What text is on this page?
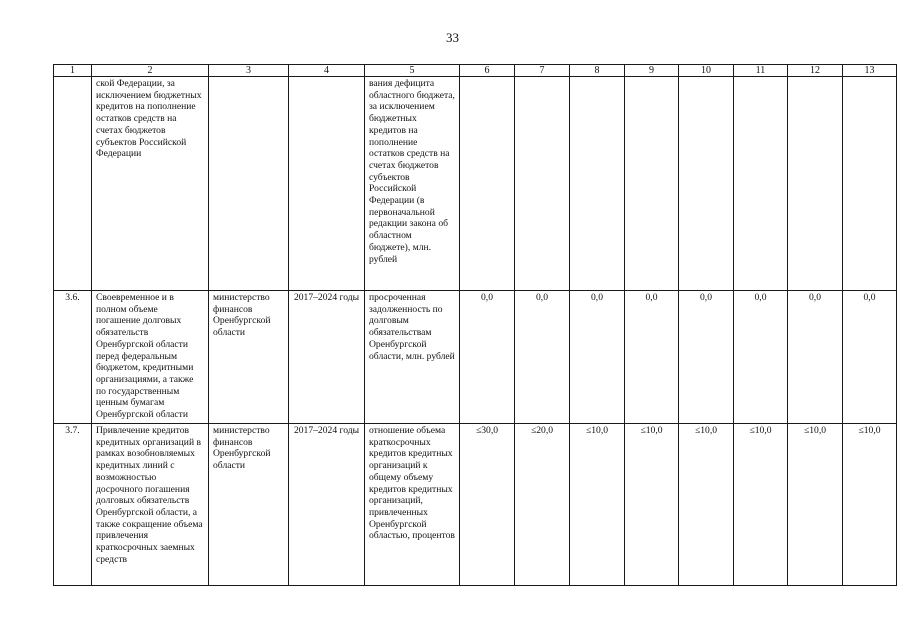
33
1	2	3	4	5	6	7	8	9	10	11	12	13
	ской Федерации, за исключением бюджетных кредитов на пополнение остатков средств на счетах бюджетов субъектов Российской Федерации			вания дефицита областного бюджета, за исключением бюджетных кредитов на пополнение остатков средств на счетах бюджетов субъектов Российской Федерации (в первоначальной редакции закона об областном бюджете), млн. рублей								
3.6.	Своевременное и в полном объеме погашение долговых обязательств Оренбургской области перед федеральным бюджетом, кредитными организациями, а также по государственным ценным бумагам Оренбургской области	министерство финансов Оренбургской области	2017–2024 годы	просроченная задолженность по долговым обязательствам Оренбургской области, млн. рублей	0,0	0,0	0,0	0,0	0,0	0,0	0,0	0,0
3.7.	Привлечение кредитов кредитных организаций в рамках возобновляемых кредитных линий с возможностью досрочного погашения долговых обязательств Оренбургской области, а также сокращение объема привлечения краткосрочных заемных средств	министерство финансов Оренбургской области	2017–2024 годы	отношение объема краткосрочных кредитов кредитных организаций к общему объему кредитов кредитных организаций, привлеченных Оренбургской областью, процентов	≤30,0	≤20,0	≤10,0	≤10,0	≤10,0	≤10,0	≤10,0	≤10,0
